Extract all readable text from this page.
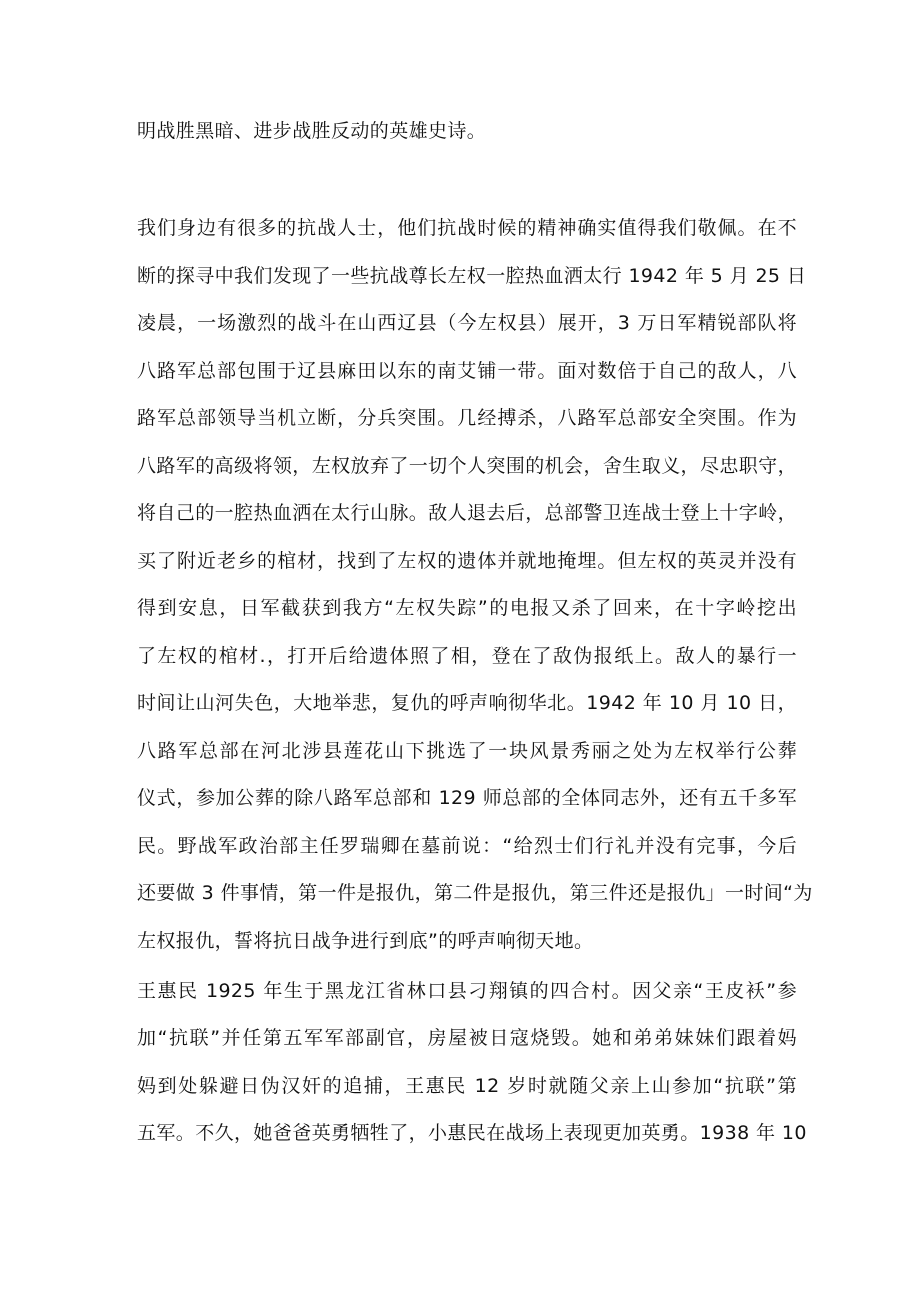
明战胜黑暗、进步战胜反动的英雄史诗。
我们身边有很多的抗战人士，他们抗战时候的精神确实值得我们敬佩。在不
断的探寻中我们发现了一些抗战尊长左权一腔热血洒太行 1942 年 5 月 25 日
凌晨，一场激烈的战斗在山西辽县（今左权县）展开，3 万日军精锐部队将
八路军总部包围于辽县麻田以东的南艾铺一带。面对数倍于自己的敌人，八
路军总部领导当机立断，分兵突围。几经搏杀，八路军总部安全突围。作为
八路军的高级将领，左权放弃了一切个人突围的机会，舍生取义，尽忠职守，
将自己的一腔热血洒在太行山脉。敌人退去后，总部警卫连战士登上十字岭，
买了附近老乡的棺材，找到了左权的遗体并就地掩埋。但左权的英灵并没有
得到安息，日军截获到我方“左权失踪”的电报又杀了回来，在十字岭挖出
了左权的棺材.，打开后给遗体照了相，登在了敌伪报纸上。敌人的暴行一
时间让山河失色，大地举悲，复仇的呼声响彻华北。1942 年 10 月 10 日，
八路军总部在河北涉县莲花山下挑选了一块风景秀丽之处为左权举行公葬
仪式，参加公葬的除八路军总部和 129 师总部的全体同志外，还有五千多军
民。野战军政治部主任罗瑞卿在墓前说：“给烈士们行礼并没有完事，今后
还要做 3 件事情，第一件是报仇，第二件是报仇，第三件还是报仇」一时间“为
左权报仇，誓将抗日战争进行到底”的呼声响彻天地。
王惠民 1925 年生于黑龙江省林口县刁翔镇的四合村。因父亲“王皮袄”参
加“抗联”并任第五军军部副官，房屋被日寇烧毁。她和弟弟妹妹们跟着妈
妈到处躲避日伪汉奸的追捕，王惠民 12 岁时就随父亲上山参加“抗联”第
五军。不久，她爸爸英勇牺牲了，小惠民在战场上表现更加英勇。1938 年 10
